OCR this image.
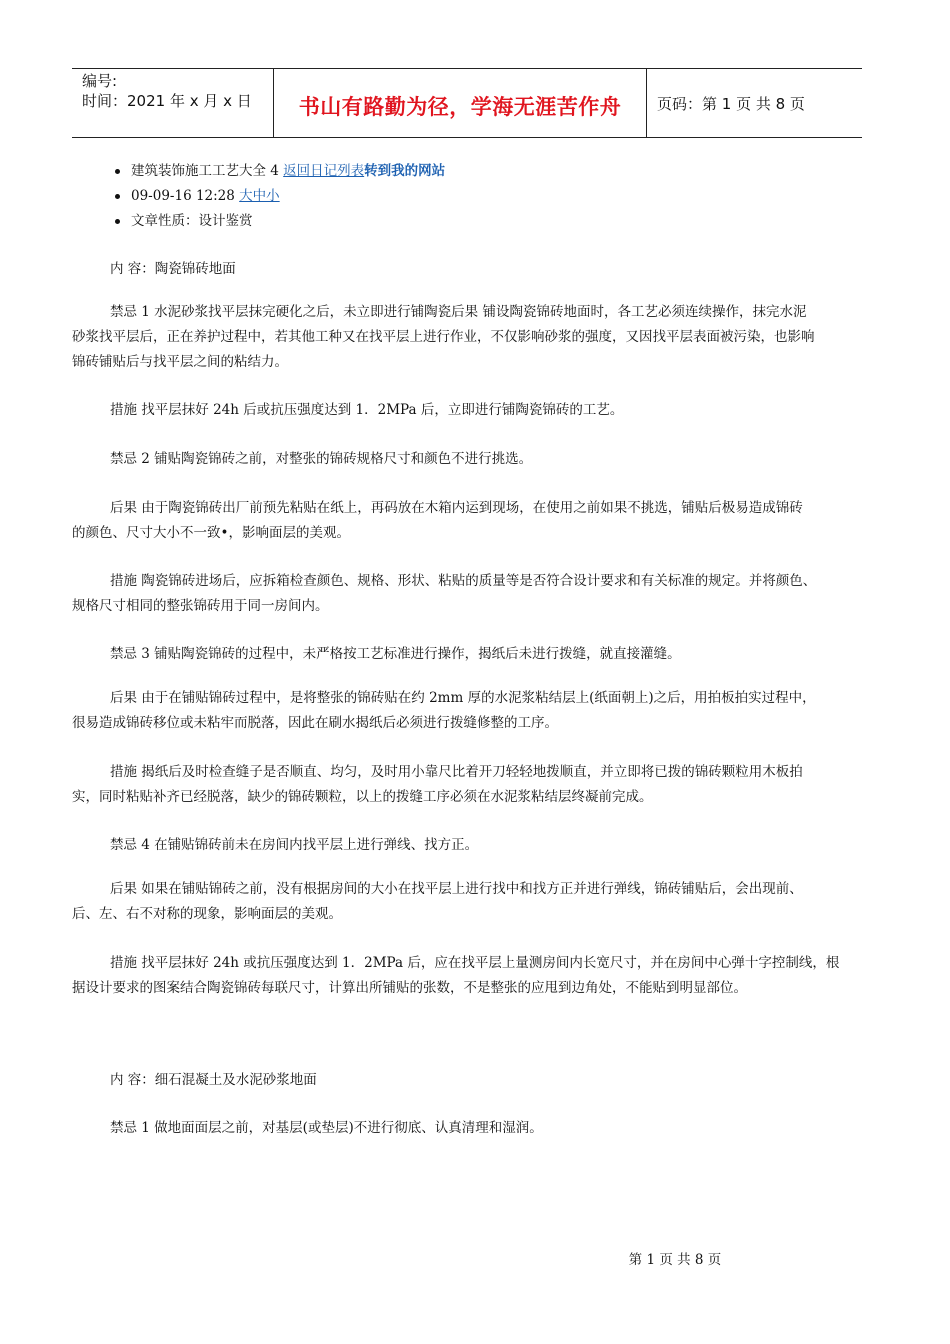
编号:
时间：2021 年 x 月 x 日	书山有路勤为径，学海无涯苦作舟	页码：第 1 页 共 8 页
建筑装饰施工工艺大全 4 返回日记列表转到我的网站
09-09-16 12:28 大中小
文章性质：设计鉴赏
内 容：陶瓷锦砖地面
禁忌 1 水泥砂浆找平层抹完硬化之后，未立即进行铺陶瓷后果 铺设陶瓷锦砖地面时，各工艺必须连续操作，抹完水泥
砂浆找平层后，正在养护过程中，若其他工种又在找平层上进行作业，不仅影响砂浆的强度，又因找平层表面被污染，也影响
锦砖铺贴后与找平层之间的粘结力。
措施 找平层抹好 24h 后或抗压强度达到 1．2MPa 后，立即进行铺陶瓷锦砖的工艺。
禁忌 2 铺贴陶瓷锦砖之前，对整张的锦砖规格尺寸和颜色不进行挑选。
后果 由于陶瓷锦砖出厂前预先粘贴在纸上，再码放在木箱内运到现场，在使用之前如果不挑选，铺贴后极易造成锦砖
的颜色、尺寸大小不一致•，影响面层的美观。
措施 陶瓷锦砖进场后，应拆箱检查颜色、规格、形状、粘贴的质量等是否符合设计要求和有关标准的规定。并将颜色、
规格尺寸相同的整张锦砖用于同一房间内。
禁忌 3 铺贴陶瓷锦砖的过程中，未严格按工艺标准进行操作，揭纸后未进行拨缝，就直接灌缝。
后果 由于在铺贴锦砖过程中，是将整张的锦砖贴在约 2mm 厚的水泥浆粘结层上(纸面朝上)之后，用拍板拍实过程中，
很易造成锦砖移位或未粘牢而脱落，因此在刷水揭纸后必须进行拨缝修整的工序。
措施 揭纸后及时检查缝子是否顺直、均匀，及时用小靠尺比着开刀轻轻地拨顺直，并立即将已拨的锦砖颗粒用木板拍
实，同时粘贴补齐已经脱落，缺少的锦砖颗粒，以上的拨缝工序必须在水泥浆粘结层终凝前完成。
禁忌 4 在铺贴锦砖前未在房间内找平层上进行弹线、找方正。
后果 如果在铺贴锦砖之前，没有根据房间的大小在找平层上进行找中和找方正并进行弹线，锦砖铺贴后，会出现前、
后、左、右不对称的现象，影响面层的美观。
措施 找平层抹好 24h 或抗压强度达到 1．2MPa 后，应在找平层上量测房间内长宽尺寸，并在房间中心弹十字控制线，根
据设计要求的图案结合陶瓷锦砖每联尺寸，计算出所铺贴的张数，不是整张的应甩到边角处，不能贴到明显部位。
内 容：细石混凝土及水泥砂浆地面
禁忌 1 做地面面层之前，对基层(或垫层)不进行彻底、认真清理和湿润。
第 1 页 共 8 页
